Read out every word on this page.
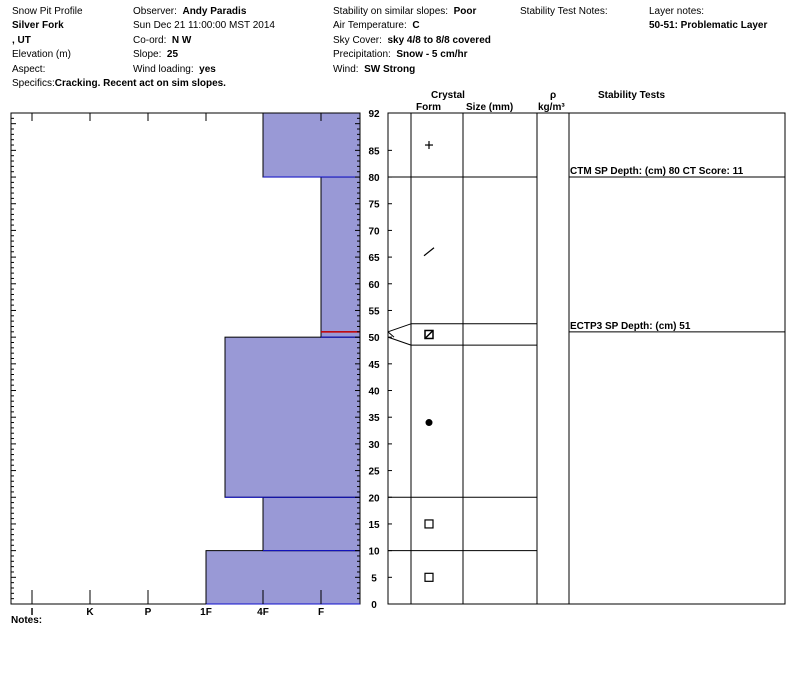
Snow Pit Profile
Silver Fork
, UT
Elevation (m)
Aspect:
Specifics:Cracking. Recent act on sim slopes.
Observer: Andy Paradis
Sun Dec 21 11:00:00 MST 2014
Co-ord: N W
Slope: 25
Wind loading: yes
Stability on similar slopes: Poor
Air Temperature: C
Sky Cover: sky 4/8 to 8/8 covered
Precipitation: Snow - 5 cm/hr
Wind: SW Strong
Stability Test Notes:	Layer notes:
50-51: Problematic Layer
Crystal
Form	Size (mm)
ρ
kg/m³
Stability Tests
Notes:
I	K	P	1F	4F	F
0
5
10
15
20
25
30
35
40
45
50
55
60
65
70
75
80
85
92
CTM SP Depth: (cm) 80 CT Score: 11
ECTP3 SP Depth: (cm) 51
